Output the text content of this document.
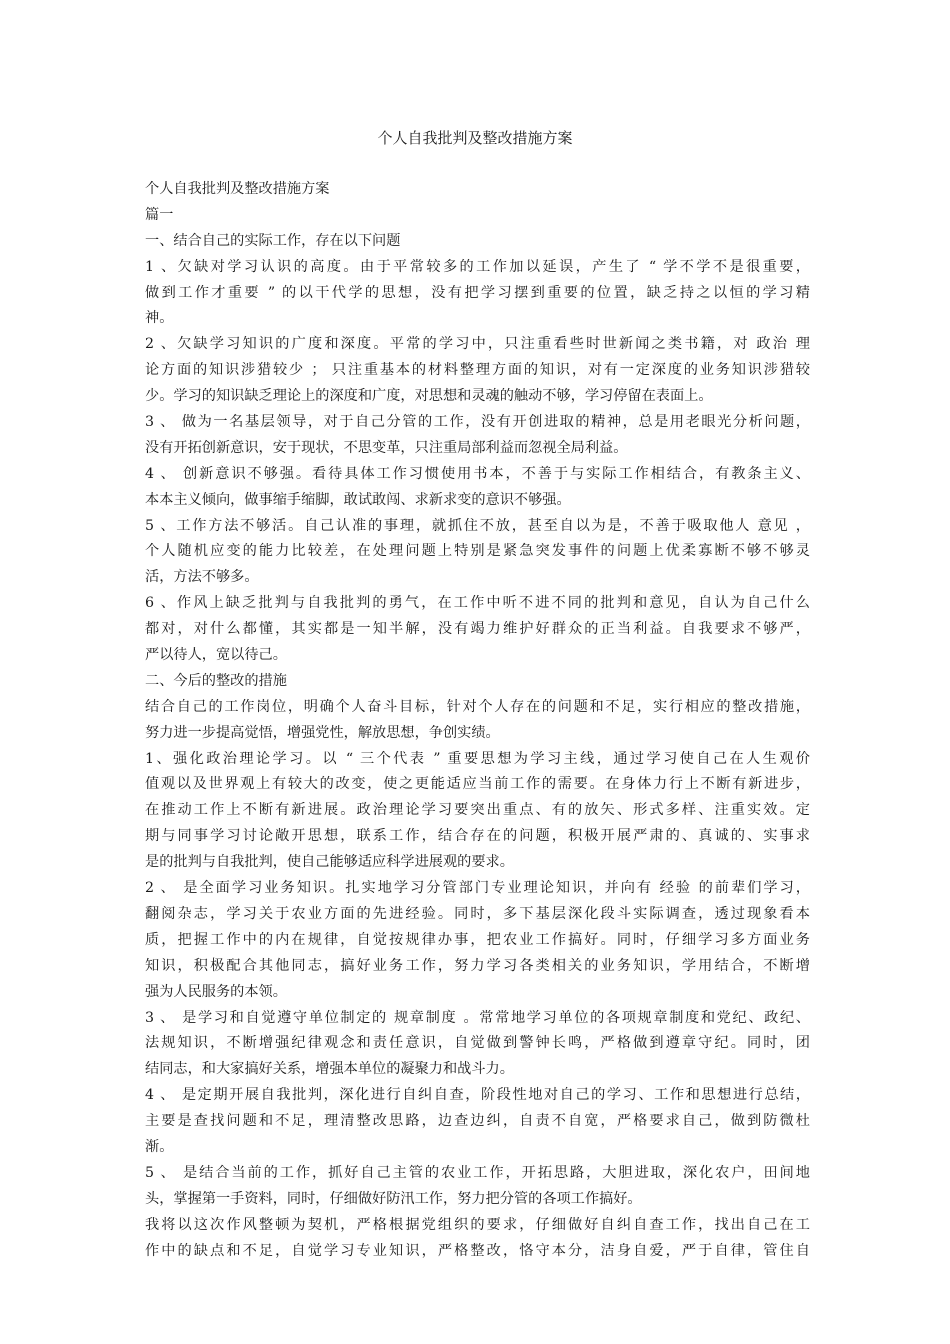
个人自我批判及整改措施方案
个人自我批判及整改措施方案
篇一
一、结合自己的实际工作，存在以下问题
1 、欠缺对学习认识的高度。由于平常较多的工作加以延误，产生了 “ 学不学不是很重要，
做到工作才重要 ” 的以干代学的思想，没有把学习摆到重要的位置，缺乏持之以恒的学习精
神。
2 、欠缺学习知识的广度和深度。平常的学习中，只注重看些时世新闻之类书籍，对 政治 理
论方面的知识涉猎较少 ； 只注重基本的材料整理方面的知识，对有一定深度的业务知识涉猎较
少。学习的知识缺乏理论上的深度和广度，对思想和灵魂的触动不够，学习停留在表面上。
3 、 做为一名基层领导，对于自己分管的工作，没有开创进取的精神，总是用老眼光分析问题，
没有开拓创新意识，安于现状，不思变革，只注重局部利益而忽视全局利益。
4 、 创新意识不够强。看待具体工作习惯使用书本，不善于与实际工作相结合，有教条主义、
本本主义倾向，做事缩手缩脚，敢试敢闯、求新求变的意识不够强。
5 、工作方法不够活。自己认准的事理，就抓住不放，甚至自以为是，不善于吸取他人 意见 ，
个人随机应变的能力比较差，在处理问题上特别是紧急突发事件的问题上优柔寡断不够不够灵
活，方法不够多。
6 、作风上缺乏批判与自我批判的勇气，在工作中听不进不同的批判和意见，自认为自己什么
都对，对什么都懂，其实都是一知半解，没有竭力维护好群众的正当利益。自我要求不够严，
严以待人，宽以待己。
二、今后的整改的措施
结合自己的工作岗位，明确个人奋斗目标，针对个人存在的问题和不足，实行相应的整改措施，
努力进一步提高觉悟，增强党性，解放思想，争创实绩。
1、强化政治理论学习。以 “ 三个代表 ” 重要思想为学习主线，通过学习使自己在人生观价
值观以及世界观上有较大的改变，使之更能适应当前工作的需要。在身体力行上不断有新进步，
在推动工作上不断有新进展。政治理论学习要突出重点、有的放矢、形式多样、注重实效。定
期与同事学习讨论敞开思想，联系工作，结合存在的问题，积极开展严肃的、真诚的、实事求
是的批判与自我批判，使自己能够适应科学进展观的要求。
2 、 是全面学习业务知识。扎实地学习分管部门专业理论知识，并向有 经验 的前辈们学习，
翻阅杂志，学习关于农业方面的先进经验。同时，多下基层深化段斗实际调查，透过现象看本
质，把握工作中的内在规律，自觉按规律办事，把农业工作搞好。同时，仔细学习多方面业务
知识，积极配合其他同志，搞好业务工作，努力学习各类相关的业务知识，学用结合，不断增
强为人民服务的本领。
3 、 是学习和自觉遵守单位制定的 规章制度 。常常地学习单位的各项规章制度和党纪、政纪、
法规知识，不断增强纪律观念和责任意识，自觉做到警钟长鸣，严格做到遵章守纪。同时，团
结同志，和大家搞好关系，增强本单位的凝聚力和战斗力。
4 、 是定期开展自我批判，深化进行自纠自查，阶段性地对自己的学习、工作和思想进行总结，
主要是查找问题和不足，理清整改思路，边查边纠，自责不自宽，严格要求自己，做到防微杜
渐。
5 、 是结合当前的工作，抓好自己主管的农业工作，开拓思路，大胆进取，深化农户，田间地
头，掌握第一手资料，同时，仔细做好防汛工作，努力把分管的各项工作搞好。
我将以这次作风整顿为契机，严格根据党组织的要求，仔细做好自纠自查工作，找出自己在工
作中的缺点和不足，自觉学习专业知识，严格整改，恪守本分，洁身自爱，严于自律，管住自
